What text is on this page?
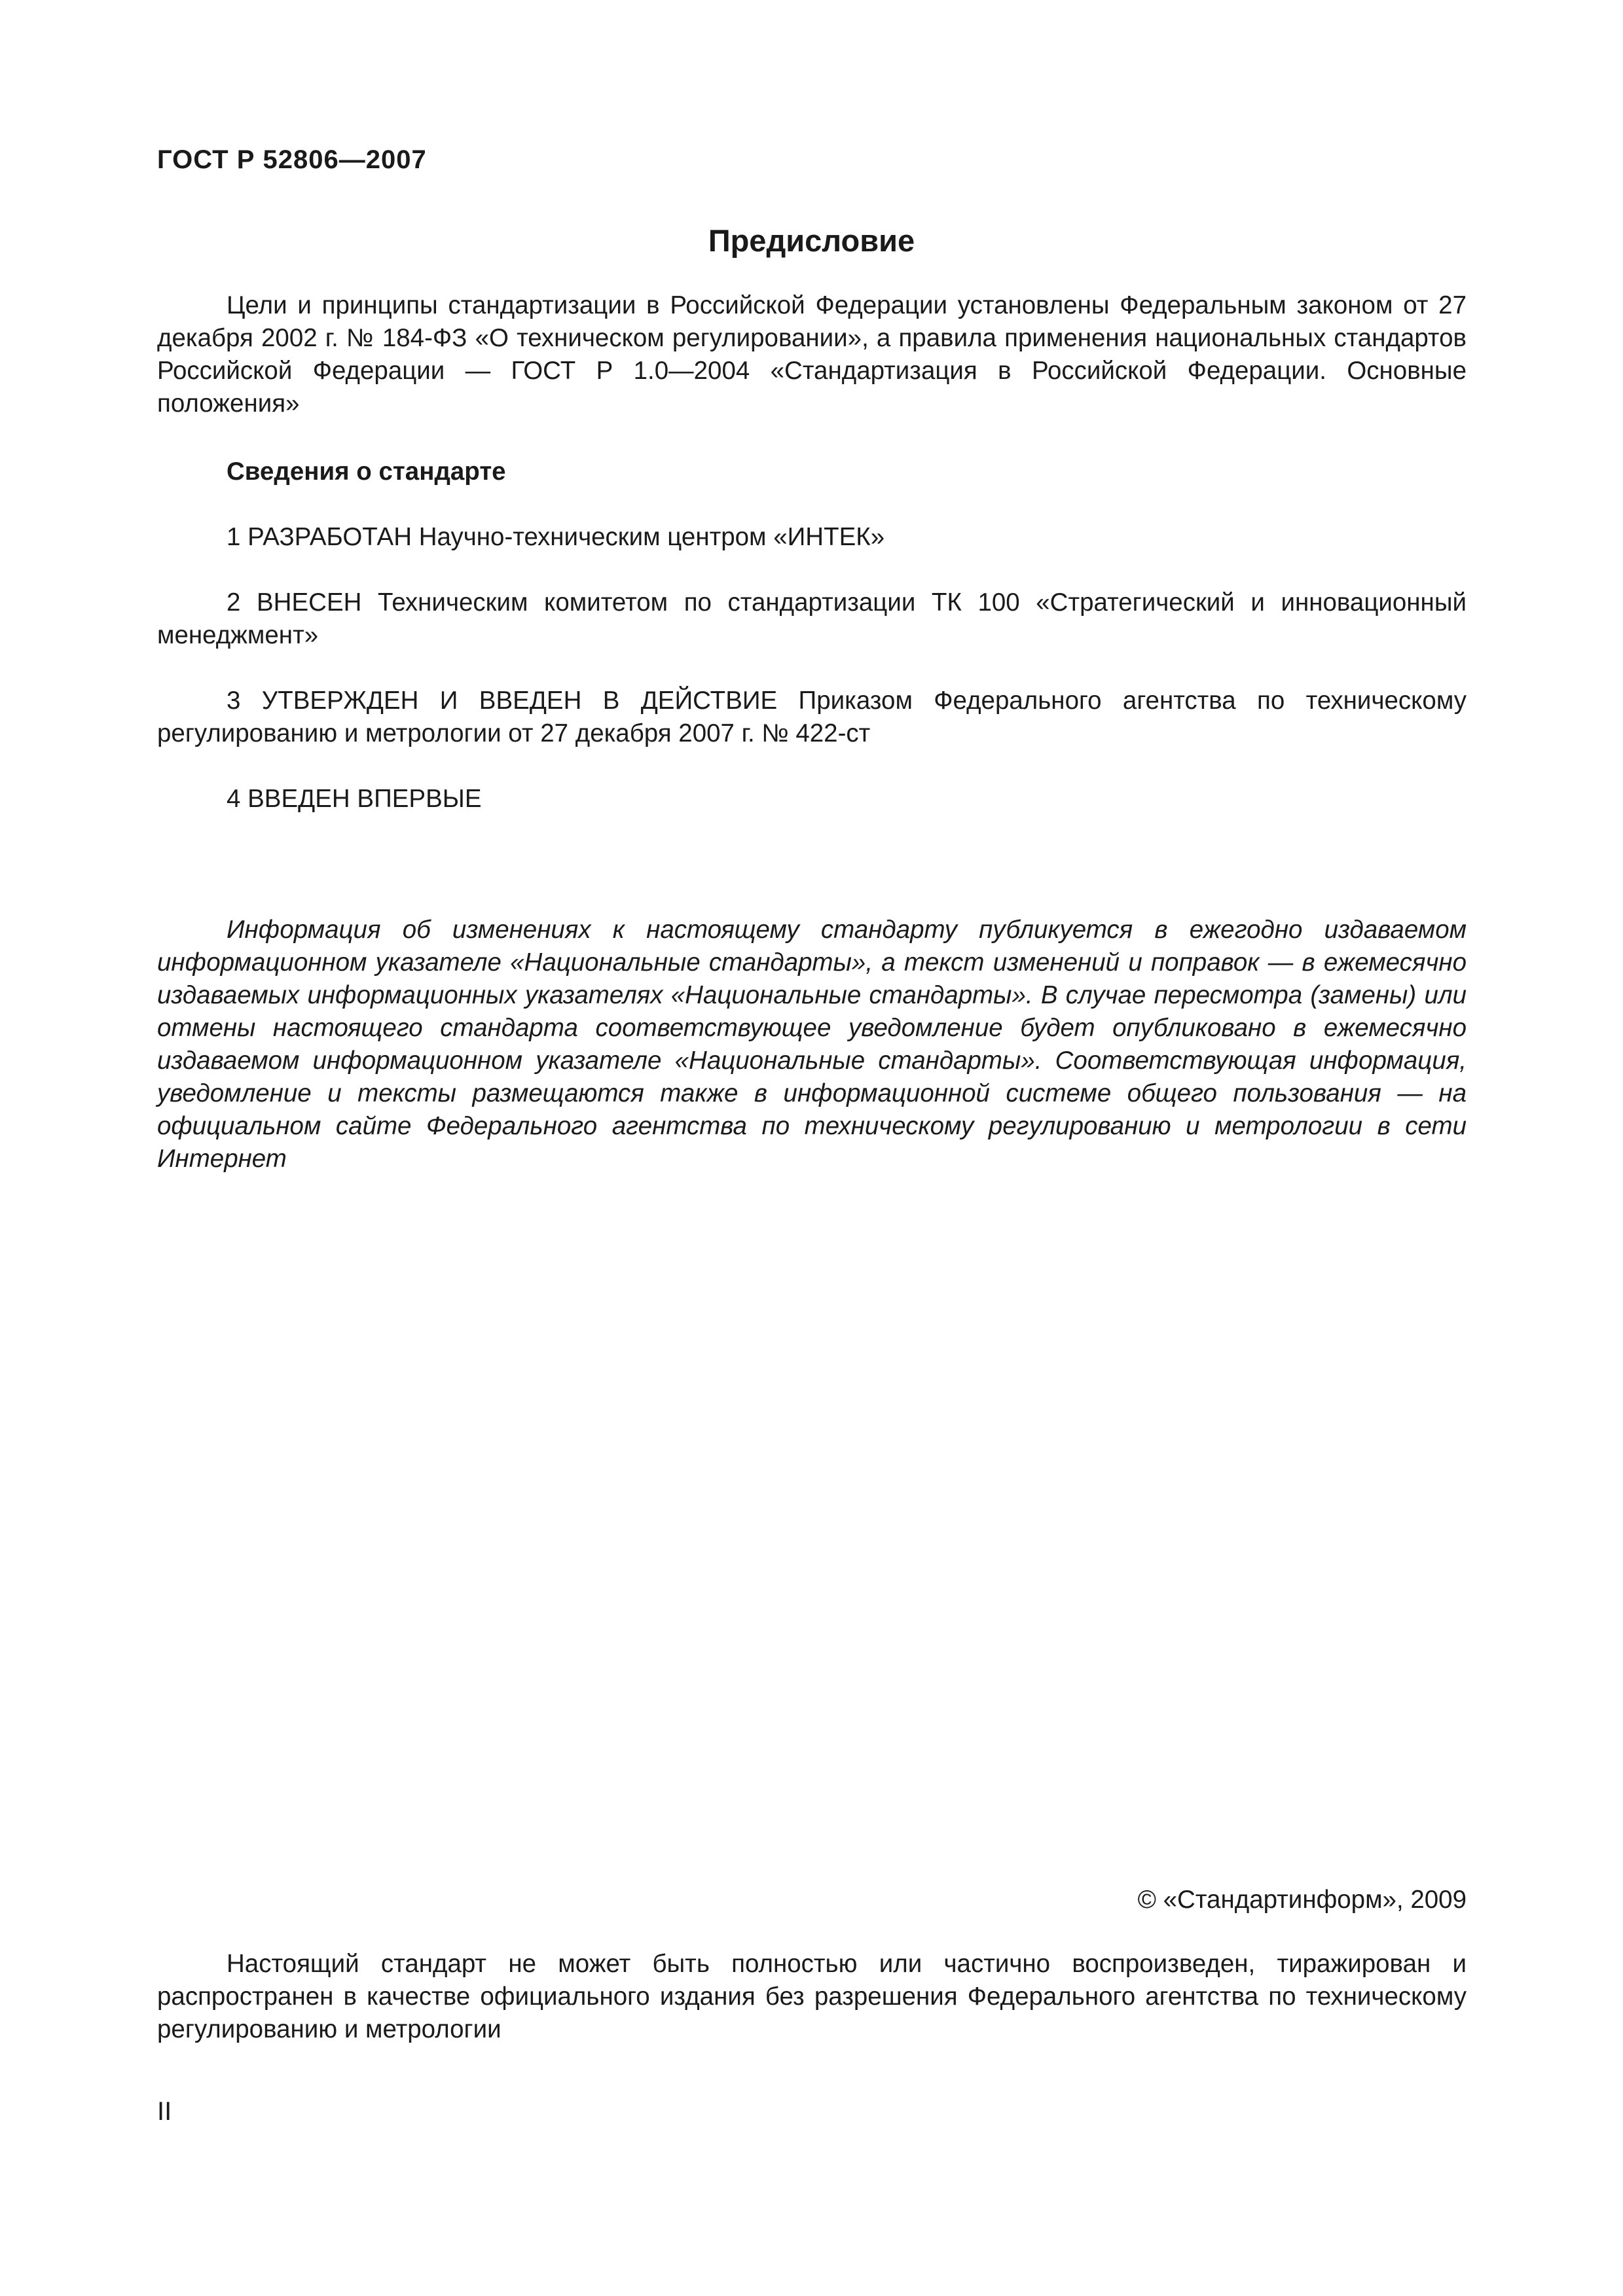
ГОСТ Р 52806—2007
Предисловие

Цели и принципы стандартизации в Российской Федерации установлены Федеральным законом от 27 декабря 2002 г. № 184-ФЗ «О техническом регулировании», а правила применения национальных стандартов Российской Федерации — ГОСТ Р 1.0—2004 «Стандартизация в Российской Федерации. Основные положения»

Сведения о стандарте

1 РАЗРАБОТАН Научно-техническим центром «ИНТЕК»

2 ВНЕСЕН Техническим комитетом по стандартизации ТК 100 «Стратегический и инновационный менеджмент»

3 УТВЕРЖДЕН И ВВЕДЕН В ДЕЙСТВИЕ Приказом Федерального агентства по техническому регулированию и метрологии от 27 декабря 2007 г. № 422-ст

4 ВВЕДЕН ВПЕРВЫЕ

Информация об изменениях к настоящему стандарту публикуется в ежегодно издаваемом информационном указателе «Национальные стандарты», а текст изменений и поправок — в ежемесячно издаваемых информационных указателях «Национальные стандарты». В случае пересмотра (замены) или отмены настоящего стандарта соответствующее уведомление будет опубликовано в ежемесячно издаваемом информационном указателе «Национальные стандарты». Соответствующая информация, уведомление и тексты размещаются также в информационной системе общего пользования — на официальном сайте Федерального агентства по техническому регулированию и метрологии в сети Интернет

© «Стандартинформ», 2009

Настоящий стандарт не может быть полностью или частично воспроизведен, тиражирован и распространен в качестве официального издания без разрешения Федерального агентства по техническому регулированию и метрологии

II
